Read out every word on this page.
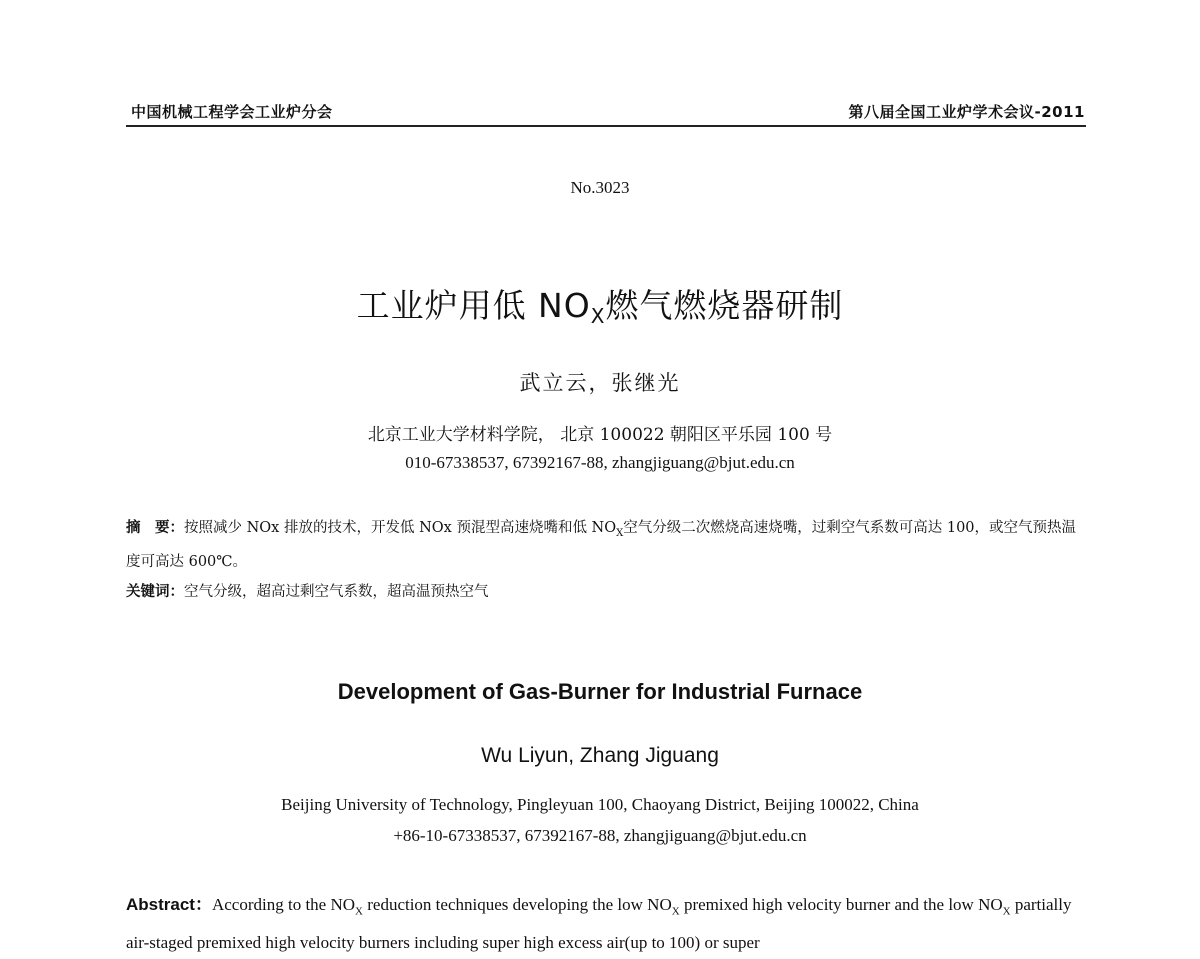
中国机械工程学会工业炉分会	第八届全国工业炉学术会议-2011
No.3023
工业炉用低 $NO_X$燃气燃烧器研制
武立云，张继光
北京工业大学材料学院， 北京 100022 朝阳区平乐园 100 号
010-67338537, 67392167-88, zhangjiguang@bjut.edu.cn
摘　要：按照减少 NOx 排放的技术，开发低 NOx 预混型高速烧嘴和低 $NO_X$空气分级二次燃烧高速烧嘴，过剩空气系数可高达 100，或空气预热温度可高达 600℃。
关键词：空气分级，超高过剩空气系数，超高温预热空气
Development of Gas-Burner for Industrial Furnace
Wu Liyun, Zhang Jiguang
Beijing University of Technology, Pingleyuan 100, Chaoyang District, Beijing 100022, China
+86-10-67338537, 67392167-88, zhangjiguang@bjut.edu.cn
Abstract：According to the $NO_X$ reduction techniques developing the low $NO_X$ premixed high velocity burner and the low $NO_X$ partially air-staged premixed high velocity burners including super high excess air(up to 100) or super
